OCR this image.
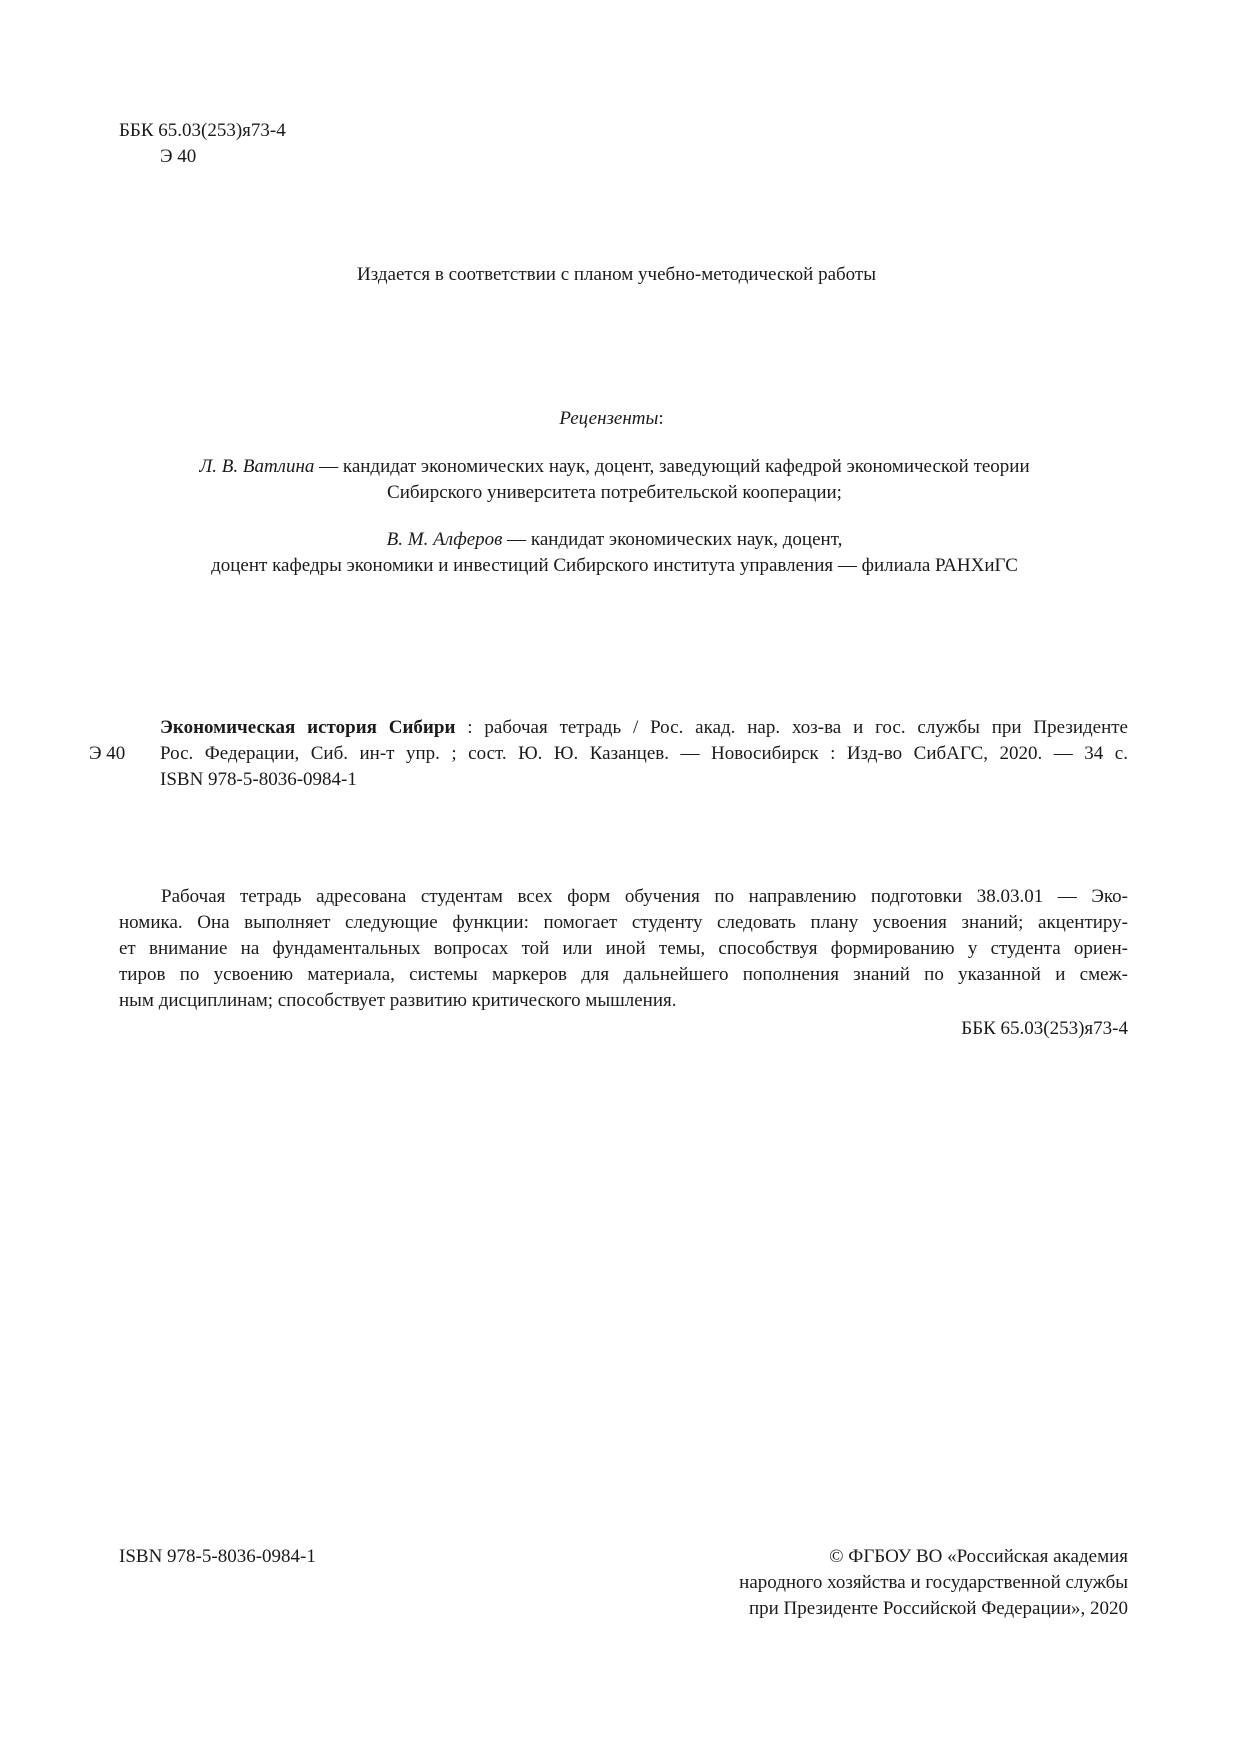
ББК 65.03(253)я73-4
Э 40
Издается в соответствии с планом учебно-методической работы
Рецензенты:
Л. В. Ватлина — кандидат экономических наук, доцент, заведующий кафедрой экономической теории
Сибирского университета потребительской кооперации;
В. М. Алферов — кандидат экономических наук, доцент,
доцент кафедры экономики и инвестиций Сибирского института управления — филиала РАНХиГС
Э 40

Экономическая история Сибири : рабочая тетрадь / Рос. акад. нар. хоз-ва и гос. службы при Президенте

Рос. Федерации, Сиб. ин-т упр. ; сост. Ю. Ю. Казанцев. — Новосибирск : Изд-во СибАГС, 2020. — 34 с.

ISBN 978-5-8036-0984-1

Рабочая тетрадь адресована студентам всех форм обучения по направлению подготовки 38.03.01 — Эко-

номика. Она выполняет следующие функции: помогает студенту следовать плану усвоения знаний; акцентиру-

ет внимание на фундаментальных вопросах той или иной темы, способствуя формированию у студента ориен-

тиров по усвоению материала, системы маркеров для дальнейшего пополнения знаний по указанной и смеж-

ным дисциплинам; способствует развитию критического мышления.

ББК 65.03(253)я73-4
ISBN 978-5-8036-0984-1	© ФГБОУ ВО «Российская академия
народного хозяйства и государственной службы
при Президенте Российской Федерации», 2020
